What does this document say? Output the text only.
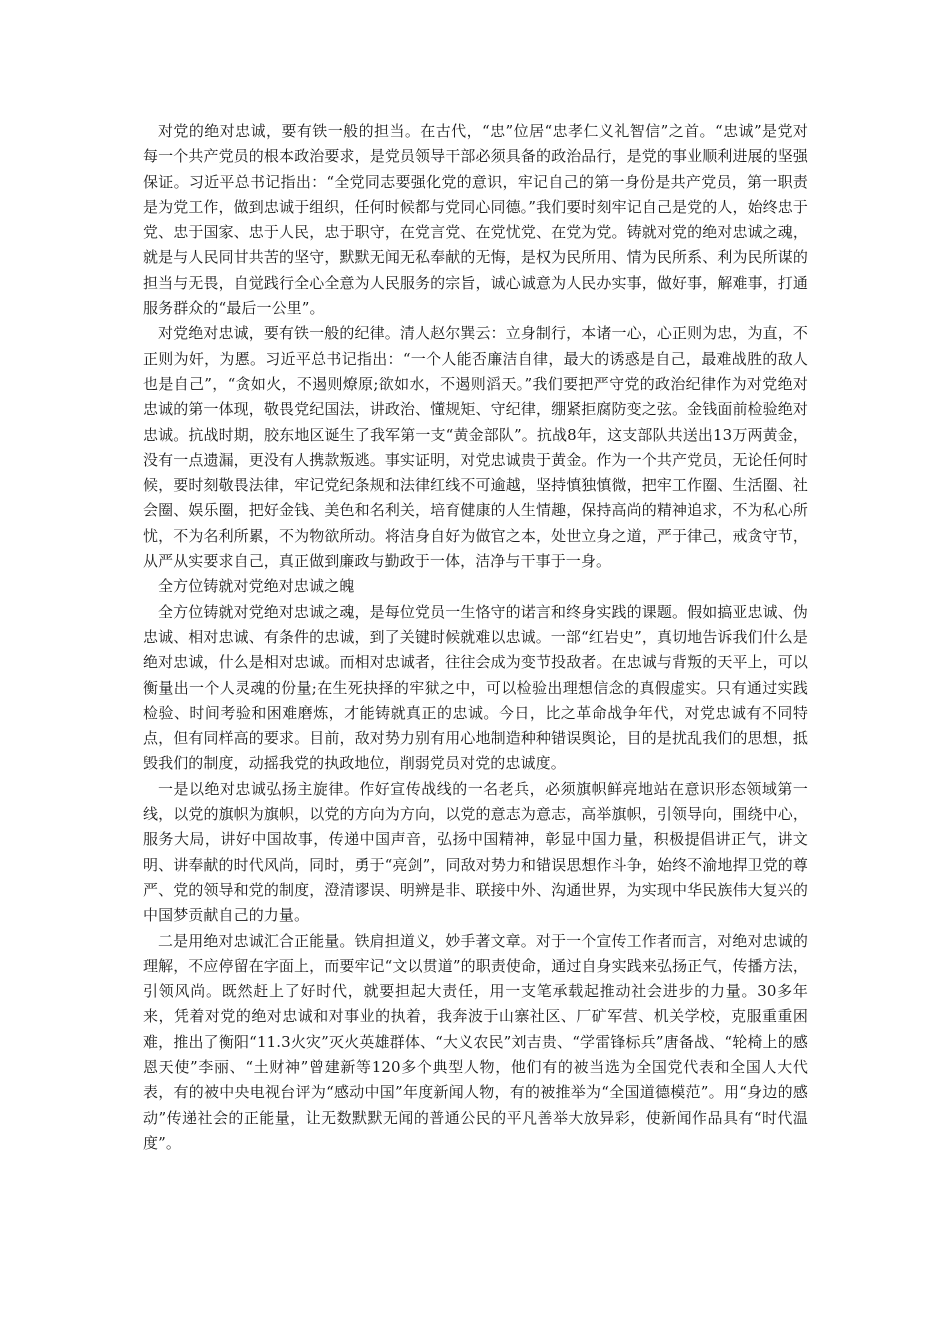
对党的绝对忠诚，要有铁一般的担当。在古代，“忠”位居“忠孝仁义礼智信”之首。“忠诚”是党对每一个共产党员的根本政治要求，是党员领导干部必须具备的政治品行，是党的事业顺利进展的坚强保证。习近平总书记指出：“全党同志要强化党的意识，牢记自己的第一身份是共产党员，第一职责是为党工作，做到忠诚于组织，任何时候都与党同心同德。”我们要时刻牢记自己是党的人，始终忠于党、忠于国家、忠于人民，忠于职守，在党言党、在党忧党、在党为党。铸就对党的绝对忠诚之魂，就是与人民同甘共苦的坚守，默默无闻无私奉献的无悔，是权为民所用、情为民所系、利为民所谋的担当与无畏，自觉践行全心全意为人民服务的宗旨，诚心诚意为人民办实事，做好事，解难事，打通服务群众的“最后一公里”。

对党绝对忠诚，要有铁一般的纪律。清人赵尔巽云：立身制行，本诸一心，心正则为忠，为直，不正则为奸，为慝。习近平总书记指出：“一个人能否廉洁自律，最大的诱惑是自己，最难战胜的敌人也是自己”，“贪如火，不遏则燎原;欲如水，不遏则滔天。”我们要把严守党的政治纪律作为对党绝对忠诚的第一体现，敬畏党纪国法，讲政治、懂规矩、守纪律，绷紧拒腐防变之弦。金钱面前检验绝对忠诚。抗战时期，胶东地区诞生了我军第一支“黄金部队”。抗战8年，这支部队共送出13万两黄金，没有一点遗漏，更没有人携款叛逃。事实证明，对党忠诚贵于黄金。作为一个共产党员，无论任何时候，要时刻敬畏法律，牢记党纪条规和法律红线不可逾越，坚持慎独慎微，把牢工作圈、生活圈、社会圈、娱乐圈，把好金钱、美色和名利关，培育健康的人生情趣，保持高尚的精神追求，不为私心所忧，不为名利所累，不为物欲所动。将洁身自好为做官之本，处世立身之道，严于律己，戒贪守节，从严从实要求自己，真正做到廉政与勤政于一体，洁净与干事于一身。

全方位铸就对党绝对忠诚之魄

全方位铸就对党绝对忠诚之魂，是每位党员一生恪守的诺言和终身实践的课题。假如搞亚忠诚、伪忠诚、相对忠诚、有条件的忠诚，到了关键时候就难以忠诚。一部“红岩史”，真切地告诉我们什么是绝对忠诚，什么是相对忠诚。而相对忠诚者，往往会成为变节投敌者。在忠诚与背叛的天平上，可以衡量出一个人灵魂的份量;在生死抉择的牢狱之中，可以检验出理想信念的真假虚实。只有通过实践检验、时间考验和困难磨炼，才能铸就真正的忠诚。今日，比之革命战争年代，对党忠诚有不同特点，但有同样高的要求。目前，敌对势力别有用心地制造种种错误舆论，目的是扰乱我们的思想，抵毁我们的制度，动摇我党的执政地位，削弱党员对党的忠诚度。

一是以绝对忠诚弘扬主旋律。作好宣传战线的一名老兵，必须旗帜鲜亮地站在意识形态领域第一线，以党的旗帜为旗帜，以党的方向为方向，以党的意志为意志，高举旗帜，引领导向，围绕中心，服务大局，讲好中国故事，传递中国声音，弘扬中国精神，彰显中国力量，积极提倡讲正气，讲文明、讲奉献的时代风尚，同时，勇于“亮剑”，同敌对势力和错误思想作斗争，始终不渝地捍卫党的尊严、党的领导和党的制度，澄清谬误、明辨是非、联接中外、沟通世界，为实现中华民族伟大复兴的中国梦贡献自己的力量。

二是用绝对忠诚汇合正能量。铁肩担道义，妙手著文章。对于一个宣传工作者而言，对绝对忠诚的理解，不应停留在字面上，而要牢记“文以贯道”的职责使命，通过自身实践来弘扬正气，传播方法，引领风尚。既然赶上了好时代，就要担起大责任，用一支笔承载起推动社会进步的力量。30多年来，凭着对党的绝对忠诚和对事业的执着，我奔波于山寨社区、厂矿军营、机关学校，克服重重困难，推出了衡阳“11.3火灾”灭火英雄群体、“大义农民”刘吉贵、“学雷锋标兵”唐备战、“轮椅上的感恩天使”李丽、“土财神”曾建新等120多个典型人物，他们有的被当选为全国党代表和全国人大代表，有的被中央电视台评为“感动中国”年度新闻人物，有的被推举为“全国道德模范”。用“身边的感动”传递社会的正能量，让无数默默无闻的普通公民的平凡善举大放异彩，使新闻作品具有“时代温度”。
